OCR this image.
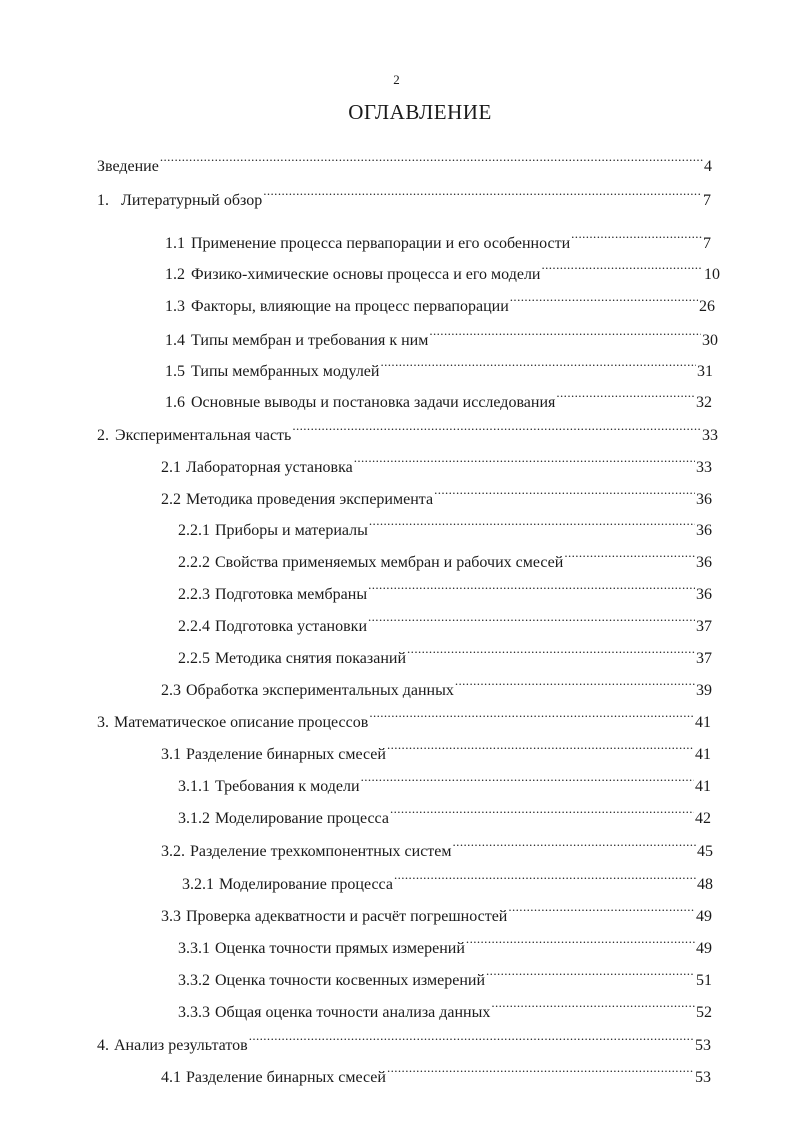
2
ОГЛАВЛЕНИЕ
Зведение .....	4
1. Литературный обзор .....	7
1.1 Применение процесса первапорации и его особенности .....	7
1.2 Физико-химические основы процесса и его модели .....	10
1.3 Факторы, влияющие на процесс первапорации .....	26
1.4 Типы мембран и требования к ним .....	30
1.5 Типы мембранных модулей .....	31
1.6 Основные выводы и постановка задачи исследования .....	32
2. Экспериментальная часть .....	33
2.1 Лабораторная установка .....	33
2.2 Методика проведения эксперимента .....	36
2.2.1 Приборы и материалы .....	36
2.2.2 Свойства применяемых мембран и рабочих смесей .....	36
2.2.3 Подготовка мембраны .....	36
2.2.4 Подготовка установки .....	37
2.2.5 Методика снятия показаний .....	37
2.3 Обработка экспериментальных данных .....	39
3. Математическое описание процессов .....	41
3.1 Разделение бинарных смесей .....	41
3.1.1 Требования к модели .....	41
3.1.2 Моделирование процесса .....	42
3.2. Разделение трехкомпонентных систем .....	45
3.2.1 Моделирование процесса .....	48
3.3 Проверка адекватности и расчёт погрешностей .....	49
3.3.1 Оценка точности прямых измерений .....	49
3.3.2 Оценка точности косвенных измерений .....	51
3.3.3 Общая оценка точности анализа данных .....	52
4. Анализ результатов .....	53
4.1 Разделение бинарных смесей .....	53
